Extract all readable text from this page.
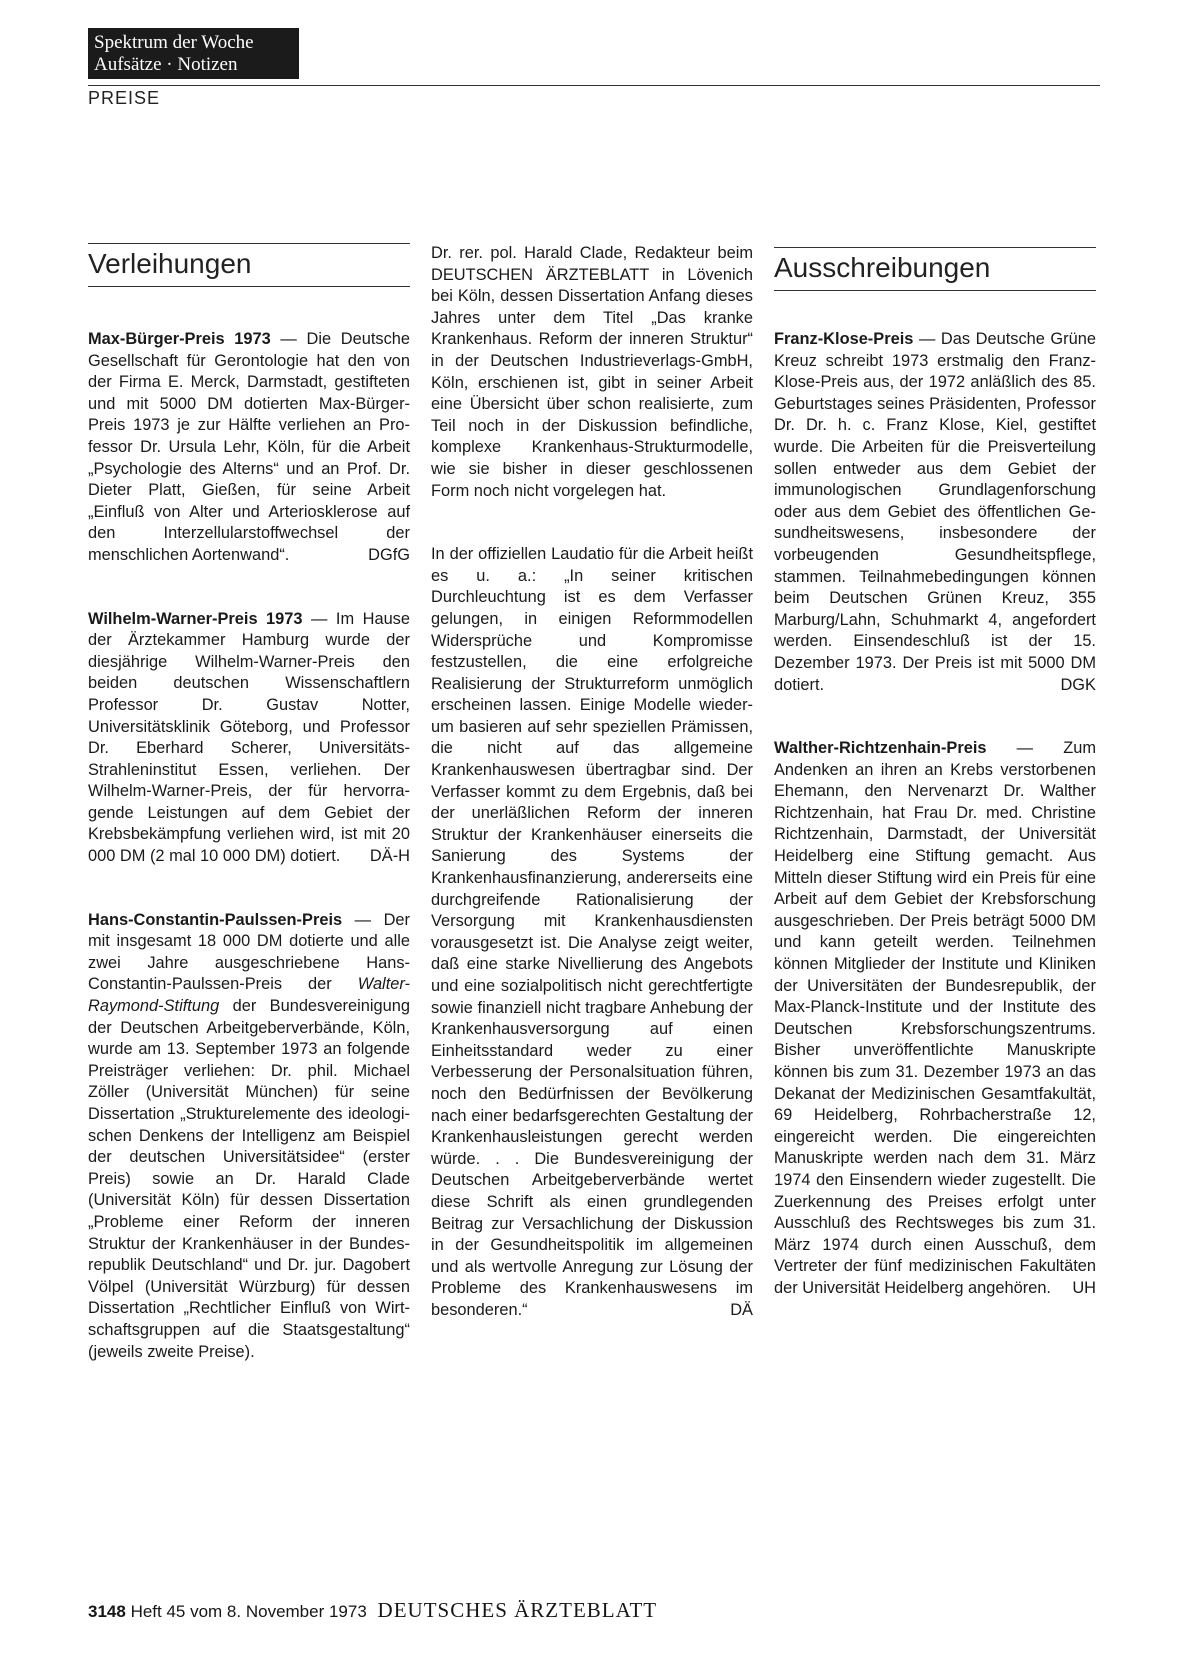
Spektrum der Woche
Aufsätze · Notizen
PREISE
Verleihungen

Max-Bürger-Preis 1973 — Die Deutsche Gesellschaft für Gerontologie hat den von der Firma E. Merck, Darmstadt, gestifteten und mit 5000 DM dotierten Max-Bürger-Preis 1973 je zur Hälfte verliehen an Professor Dr. Ursula Lehr, Köln, für die Arbeit „Psychologie des Alterns“ und an Prof. Dr. Dieter Platt, Gießen, für seine Arbeit „Einfluß von Alter und Arteriosklerose auf den Interzellularstoffwechsel der menschlichen Aortenwand“.	DGfG

Wilhelm-Warner-Preis 1973 — Im Hause der Ärztekammer Hamburg wurde der diesjährige Wilhelm-Warner-Preis den beiden deutschen Wissenschaftlern Professor Dr. Gustav Notter, Universitätsklinik Göteborg, und Professor Dr. Eberhard Scherer, Universitäts-Strahleninstitut Essen, verliehen. Der Wilhelm-Warner-Preis, der für hervorragende Leistungen auf dem Gebiet der Krebsbekämpfung verliehen wird, ist mit 20 000 DM (2 mal 10 000 DM) dotiert. DÄ-H

Hans-Constantin-Paulssen-Preis — Der mit insgesamt 18 000 DM dotierte und alle zwei Jahre ausgeschriebene Hans-Constantin-Paulssen-Preis der Walter-Raymond-Stiftung der Bundesvereinigung der Deutschen Arbeitgeberverbände, Köln, wurde am 13. September 1973 an folgende Preisträger verliehen: Dr. phil. Michael Zöller (Universität München) für seine Dissertation „Strukturelemente des ideologischen Denkens der Intelligenz am Beispiel der deutschen Universitätsidee“ (erster Preis) sowie an Dr. Harald Clade (Universität Köln) für dessen Dissertation „Probleme einer Reform der inneren Struktur der Krankenhäuser in der Bundesrepublik Deutschland“ und Dr. jur. Dagobert Völpel (Universität Würzburg) für dessen Dissertation „Rechtlicher Einfluß von Wirtschaftsgruppen auf die Staatsgestaltung“ (jeweils zweite Preise).

Dr. rer. pol. Harald Clade, Redakteur beim DEUTSCHEN ÄRZTEBLATT in Lövenich bei Köln, dessen Dissertation Anfang dieses Jahres unter dem Titel „Das kranke Krankenhaus. Reform der inneren Struktur“ in der Deutschen Industrieverlags-GmbH, Köln, erschienen ist, gibt in seiner Arbeit eine Übersicht über schon realisierte, zum Teil noch in der Diskussion befindliche, komplexe Krankenhaus-Strukturmodelle, wie sie bisher in dieser geschlossenen Form noch nicht vorgelegen hat.

In der offiziellen Laudatio für die Arbeit heißt es u. a.: „In seiner kritischen Durchleuchtung ist es dem Verfasser gelungen, in einigen Reformmodellen Widersprüche und Kompromisse festzustellen, die eine erfolgreiche Realisierung der Strukturreform unmöglich erscheinen lassen. Einige Modelle wiederum basieren auf sehr speziellen Prämissen, die nicht auf das allgemeine Krankenhauswesen übertragbar sind. Der Verfasser kommt zu dem Ergebnis, daß bei der unerläßlichen Reform der inneren Struktur der Krankenhäuser einerseits die Sanierung des Systems der Krankenhausfinanzierung, andererseits eine durchgreifende Rationalisierung der Versorgung mit Krankenhausdiensten vorausgesetzt ist. Die Analyse zeigt weiter, daß eine starke Nivellierung des Angebots und eine sozialpolitisch nicht gerechtfertigte sowie finanziell nicht tragbare Anhebung der Krankenhausversorgung auf einen Einheitsstandard weder zu einer Verbesserung der Personalsituation führen, noch den Bedürfnissen der Bevölkerung nach einer bedarfsgerechten Gestaltung der Krankenhausleistungen gerecht werden würde. . . Die Bundesvereinigung der Deutschen Arbeitgeberverbände wertet diese Schrift als einen grundlegenden Beitrag zur Versachlichung der Diskussion in der Gesundheitspolitik im allgemeinen und als wertvolle Anregung zur Lösung der Probleme des Krankenhauswesens im besonderen.“	DÄ

Ausschreibungen

Franz-Klose-Preis — Das Deutsche Grüne Kreuz schreibt 1973 erstmalig den Franz-Klose-Preis aus, der 1972 anläßlich des 85. Geburtstages seines Präsidenten, Professor Dr. Dr. h. c. Franz Klose, Kiel, gestiftet wurde. Die Arbeiten für die Preisverteilung sollen entweder aus dem Gebiet der immunologischen Grundlagenforschung oder aus dem Gebiet des öffentlichen Gesundheitswesens, insbesondere der vorbeugenden Gesundheitspflege, stammen. Teilnahmebedingungen können beim Deutschen Grünen Kreuz, 355 Marburg/Lahn, Schuhmarkt 4, angefordert werden. Einsendeschluß ist der 15. Dezember 1973. Der Preis ist mit 5000 DM dotiert.	DGK

Walther-Richtzenhain-Preis — Zum Andenken an ihren an Krebs verstorbenen Ehemann, den Nervenarzt Dr. Walther Richtzenhain, hat Frau Dr. med. Christine Richtzenhain, Darmstadt, der Universität Heidelberg eine Stiftung gemacht. Aus Mitteln dieser Stiftung wird ein Preis für eine Arbeit auf dem Gebiet der Krebsforschung ausgeschrieben. Der Preis beträgt 5000 DM und kann geteilt werden. Teilnehmen können Mitglieder der Institute und Kliniken der Universitäten der Bundesrepublik, der Max-Planck-Institute und der Institute des Deutschen Krebsforschungszentrums. Bisher unveröffentlichte Manuskripte können bis zum 31. Dezember 1973 an das Dekanat der Medizinischen Gesamtfakultät, 69 Heidelberg, Rohrbacherstraße 12, eingereicht werden. Die eingereichten Manuskripte werden nach dem 31. März 1974 den Einsendern wieder zugestellt. Die Zuerkennung des Preises erfolgt unter Ausschluß des Rechtsweges bis zum 31. März 1974 durch einen Ausschuß, dem Vertreter der fünf medizinischen Fakultäten der Universität Heidelberg angehören. UH

3148 Heft 45 vom 8. November 1973 DEUTSCHES ÄRZTEBLATT
